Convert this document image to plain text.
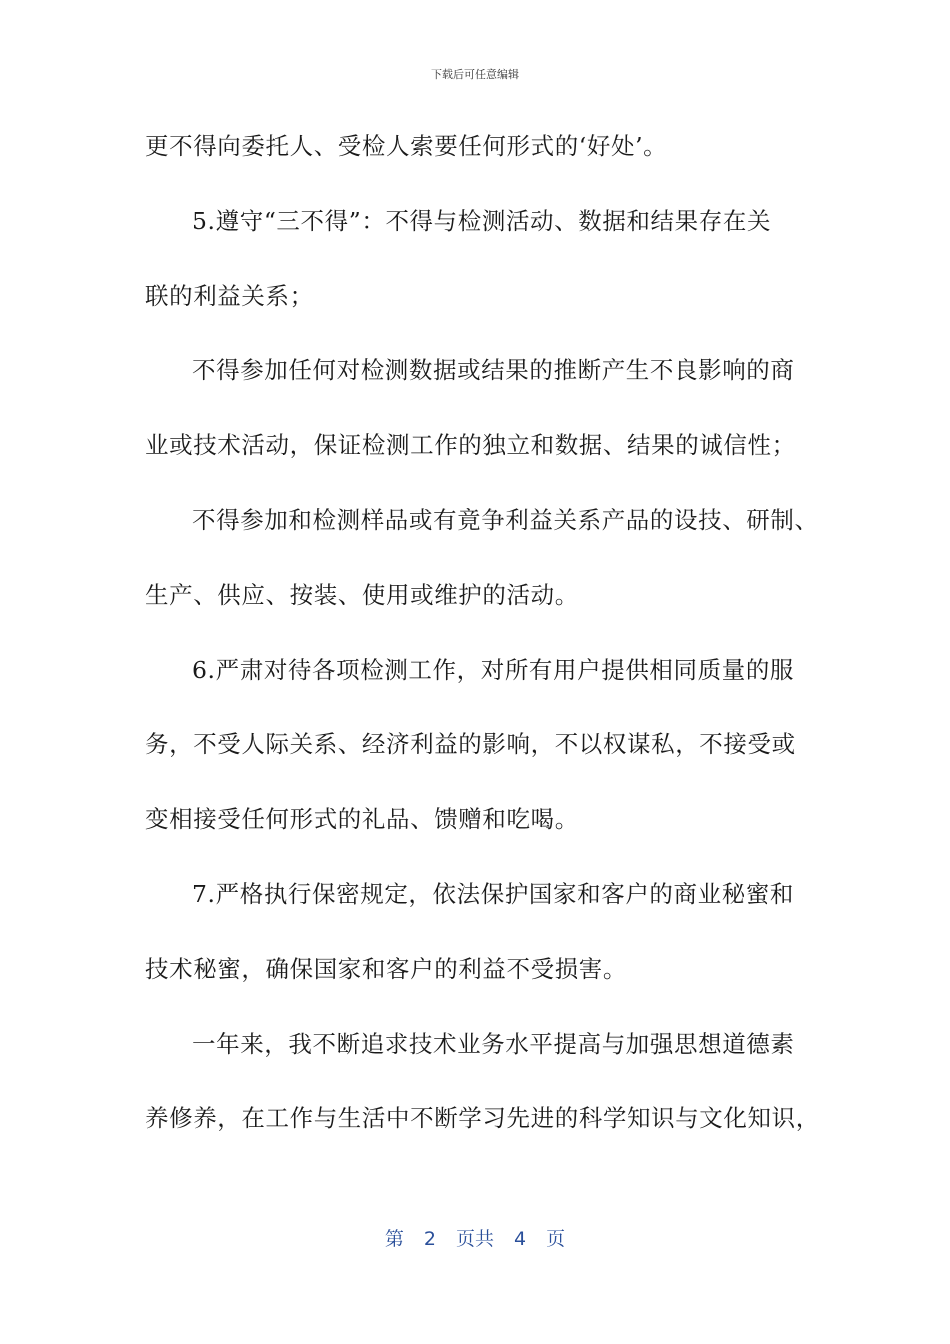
下载后可任意编辑
更不得向委托人、受检人索要任何形式的‘好处’。
5.遵守“三不得”：不得与检测活动、数据和结果存在关
联的利益关系；
不得参加任何对检测数据或结果的推断产生不良影响的商
业或技术活动，保证检测工作的独立和数据、结果的诚信性；
不得参加和检测样品或有竟争利益关系产品的设技、研制、
生产、供应、按装、使用或维护的活动。
6.严肃对待各项检测工作，对所有用户提供相同质量的服
务，不受人际关系、经济利益的影响，不以权谋私，不接受或
变相接受任何形式的礼品、馈赠和吃喝。
7.严格执行保密规定，依法保护国家和客户的商业秘蜜和
技术秘蜜，确保国家和客户的利益不受损害。
一年来，我不断追求技术业务水平提高与加强思想道德素
养修养，在工作与生活中不断学习先进的科学知识与文化知识，
第 2 页共 4 页
